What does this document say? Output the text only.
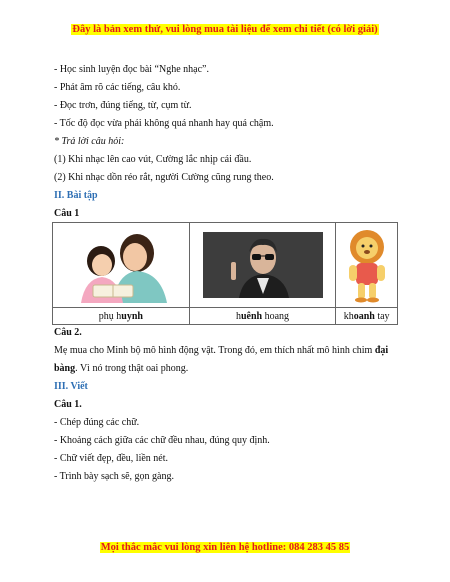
Đây là bản xem thử, vui lòng mua tài liệu để xem chi tiết (có lời giải)
- Học sinh luyện đọc bài “Nghe nhạc”.
- Phát âm rõ các tiếng, câu khó.
- Đọc trơn, đúng tiếng, từ, cụm từ.
- Tốc độ đọc vừa phải không quá nhanh hay quá chậm.
* Trả lời câu hỏi:
(1) Khi nhạc lên cao vút, Cường lắc nhịp cái đầu.
(2) Khi nhạc dồn réo rắt, người Cường cũng rung theo.
II. Bài tập
Câu 1

phụ huynh	huênh hoang	khoanh tay
Câu 2.
Mẹ mua cho Minh bộ mô hình động vật. Trong đó, em thích nhất mô hình chim đại
bàng. Vì nó trong thật oai phong.
III. Viết
Câu 1.
- Chép đúng các chữ.
- Khoảng cách giữa các chữ đều nhau, đúng quy định.
- Chữ viết đẹp, đều, liền nét.
- Trình bày sạch sẽ, gọn gàng.
Mọi thắc mắc vui lòng xin liên hệ hotline: 084 283 45 85
